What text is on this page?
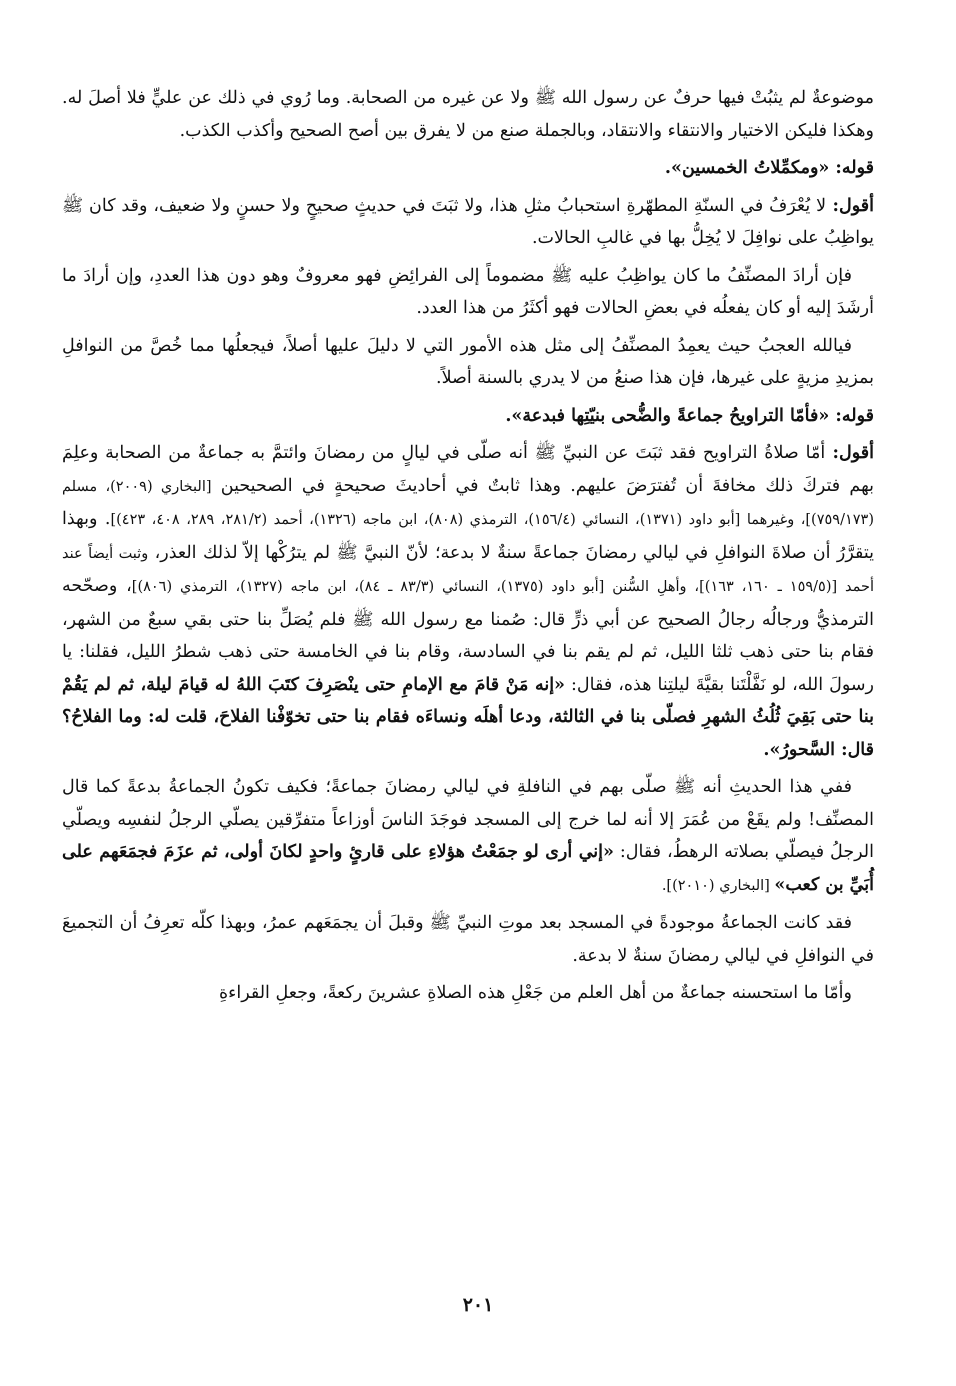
موضوعةٌ لم يثبُتْ فيها حرفٌ عن رسول الله ﷺ ولا عن غيره من الصحابة. وما رُوي في ذلك عن عليٍّ فلا أصلَ له. وهكذا فليكن الاختيار والانتقاء والانتقاد، وبالجملة صنع من لا يفرق بين أصح الصحيح وأكذب الكذب.

قوله: «ومكمِّلاتُ الخمسين».

أقول: لا يُعْرَفُ في السنّةِ المطهّرةِ استحبابُ مثلِ هذا، ولا ثبَتَ في حديثٍ صحيحٍ ولا حسنٍ ولا ضعيف، وقد كان ﷺ يواظِبُ على نوافِلَ لا يُخِلُّ بها في غالبِ الحالات.

فإن أرادَ المصنِّفُ ما كان يواظِبُ عليه ﷺ مضموماً إلى الفرائِضِ فهو معروفٌ وهو دون هذا العددِ، وإن أرادَ ما أرشَدَ إليه أو كان يفعلُه في بعضِ الحالات فهو أكثَرُ من هذا العدد.

فيالله العجبُ حيث يعمِدُ المصنِّفُ إلى مثل هذه الأمور التي لا دليلَ عليها أصلاً، فيجعلُها مما خُصَّ من النوافلِ بمزيدِ مزيةٍ على غيرها، فإن هذا صنعُ من لا يدري بالسنة أصلاً.

قوله: «فأمّا التراويحُ جماعةً والضُّحى بنيّتِها فبدعة».

أقول: أمّا صلاةُ التراويح فقد ثبَتَ عن النبيِّ ﷺ أنه صلّى في ليالٍ من رمضانَ وائتمَّ به جماعةٌ من الصحابة وعلِمَ بهم فتركَ ذلك مخافةَ أن تُفترَضَ عليهم. وهذا ثابتٌ في أحاديثَ صحيحةٍ في الصحيحين [البخاري (٢٠٠٩)، مسلم (٧٥٩/١٧٣)]، وغيرهما [أبو داود (١٣٧١)، النسائي (١٥٦/٤)، الترمذي (٨٠٨)، ابن ماجه (١٣٢٦)، أحمد (٢٨١/٢، ٢٨٩، ٤٠٨، ٤٢٣)]. وبهذا يتقرَّرُ أن صلاةَ النوافلِ في ليالي رمضانَ جماعةً سنةٌ لا بدعة؛ لأنّ النبيَّ ﷺ لم يترُكْها إلاّ لذلك العذر، وثبت أيضاً عند أحمد [(١٥٩/٥ ـ ١٦٠، ١٦٣)]، وأهلِ السُّنن [أبو داود (١٣٧٥)، النسائي (٨٣/٣ ـ ٨٤)، ابن ماجه (١٣٢٧)، الترمذي (٨٠٦)]، وصحّحه الترمذيُّ ورجالُه رجالُ الصحيح عن أبي ذرٍّ قال: صُمنا مع رسول الله ﷺ فلم يُصَلِّ بنا حتى بقي سبعٌ من الشهر، فقام بنا حتى ذهب ثلثا الليل، ثم لم يقم بنا في السادسة، وقام بنا في الخامسة حتى ذهب شطرُ الليل، فقلنا: يا رسولَ الله، لو نَفَّلْتَنا بقيَّةَ ليلتِنا هذه، فقال: «إنه مَنْ قامَ مع الإمامِ حتى ينْصَرِفَ كتَبَ اللهُ له قيامَ ليلة، ثم لم يَقُمْ بنا حتى بَقِيَ ثُلُثُ الشهرِ فصلّى بنا في الثالثة، ودعا أهلَه ونساءَه فقام بنا حتى تخوّفْنا الفلاحَ، قلت له: وما الفلاحُ؟ قال: السَّحورُ».

ففي هذا الحديثِ أنه ﷺ صلّى بهم في النافلةِ في ليالي رمضانَ جماعةً؛ فكيف تكونُ الجماعةُ بدعةً كما قال المصنِّف! ولم يقَعْ من عُمَرَ إلا أنه لما خرج إلى المسجد فوجَدَ الناسَ أوزاعاً متفرِّقين يصلّي الرجلُ لنفسِه ويصلّي الرجلُ فيصلّي بصلاته الرهطُ، فقال: «إني أرى لو جمَعْتُ هؤلاءِ على قارئٍ واحدٍ لكانَ أولى، ثم عزَمَ فجمَعَهم على أُبَيِّ بن كعب» [البخاري (٢٠١٠)].

فقد كانت الجماعةُ موجودةً في المسجد بعد موتِ النبيِّ ﷺ وقبلَ أن يجمَعَهم عمرُ، وبهذا كلّه تعرِفُ أن التجميعَ في النوافلِ في ليالي رمضانَ سنةٌ لا بدعة.

وأمّا ما استحسنه جماعةٌ من أهل العلم من جَعْلِ هذه الصلاةِ عشرينَ ركعةً، وجعلِ القراءةِ

٢٠١
